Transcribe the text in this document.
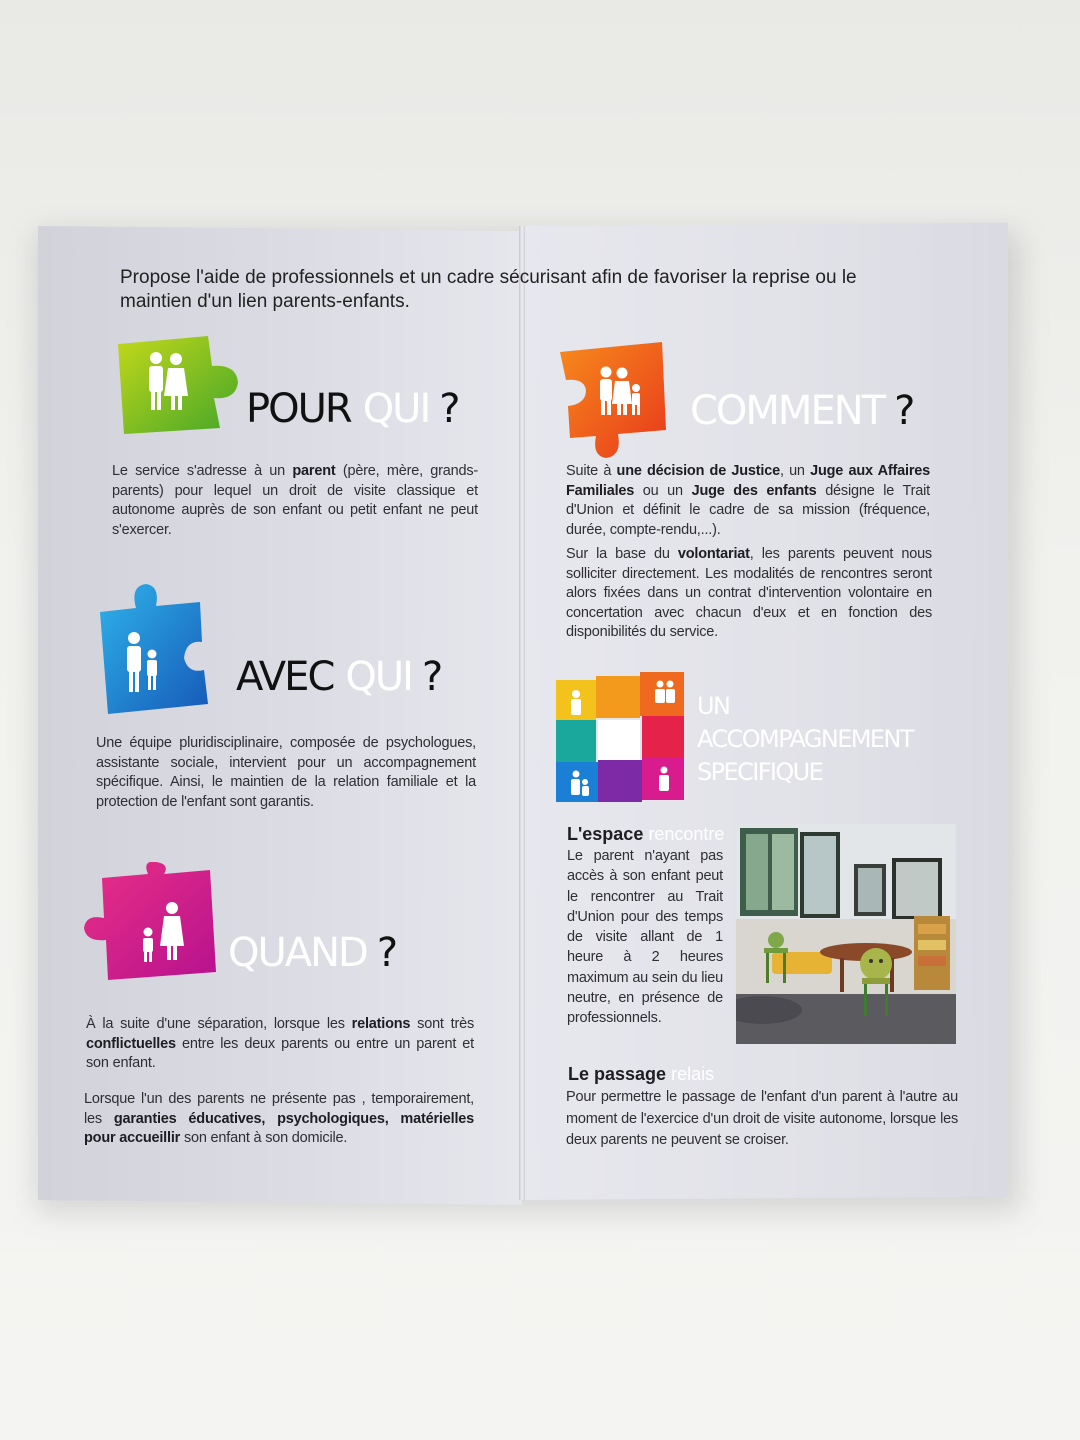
Propose l'aide de professionnels et un cadre sécurisant afin de favoriser la reprise ou le maintien d'un lien parents-enfants.
POUR QUI ?
Le service s'adresse à un parent (père, mère, grands-parents) pour lequel un droit de visite classique et autonome auprès de son enfant ou petit enfant ne peut s'exercer.
AVEC QUI ?
Une équipe pluridisciplinaire, composée de psychologues, assistante sociale, intervient pour un accompagnement spécifique. Ainsi, le maintien de la relation familiale et la protection de l'enfant sont garantis.
QUAND ?
À la suite d'une séparation, lorsque les relations sont très conflictuelles entre les deux parents ou entre un parent et son enfant.
Lorsque l'un des parents ne présente pas , temporairement, les garanties éducatives, psychologiques, matérielles pour accueillir son enfant à son domicile.
COMMENT ?
Suite à une décision de Justice, un Juge aux Affaires Familiales ou un Juge des enfants désigne le Trait d'Union et définit le cadre de sa mission (fréquence, durée, compte-rendu,...).
Sur la base du volontariat, les parents peuvent nous solliciter directement. Les modalités de rencontres seront alors fixées dans un contrat d'intervention volontaire en concertation avec chacun d'eux et en fonction des disponibilités du service.
UN
ACCOMPAGNEMENT
SPECIFIQUE
L'espace rencontre
Le parent n'ayant pas accès à son enfant peut le rencontrer au Trait d'Union pour des temps de visite allant de 1 heure à 2 heures maximum au sein du lieu neutre, en présence de professionnels.
Le passage relais
Pour permettre le passage de l'enfant d'un parent à l'autre au moment de l'exercice d'un droit de visite autonome, lorsque les deux parents ne peuvent se croiser.
